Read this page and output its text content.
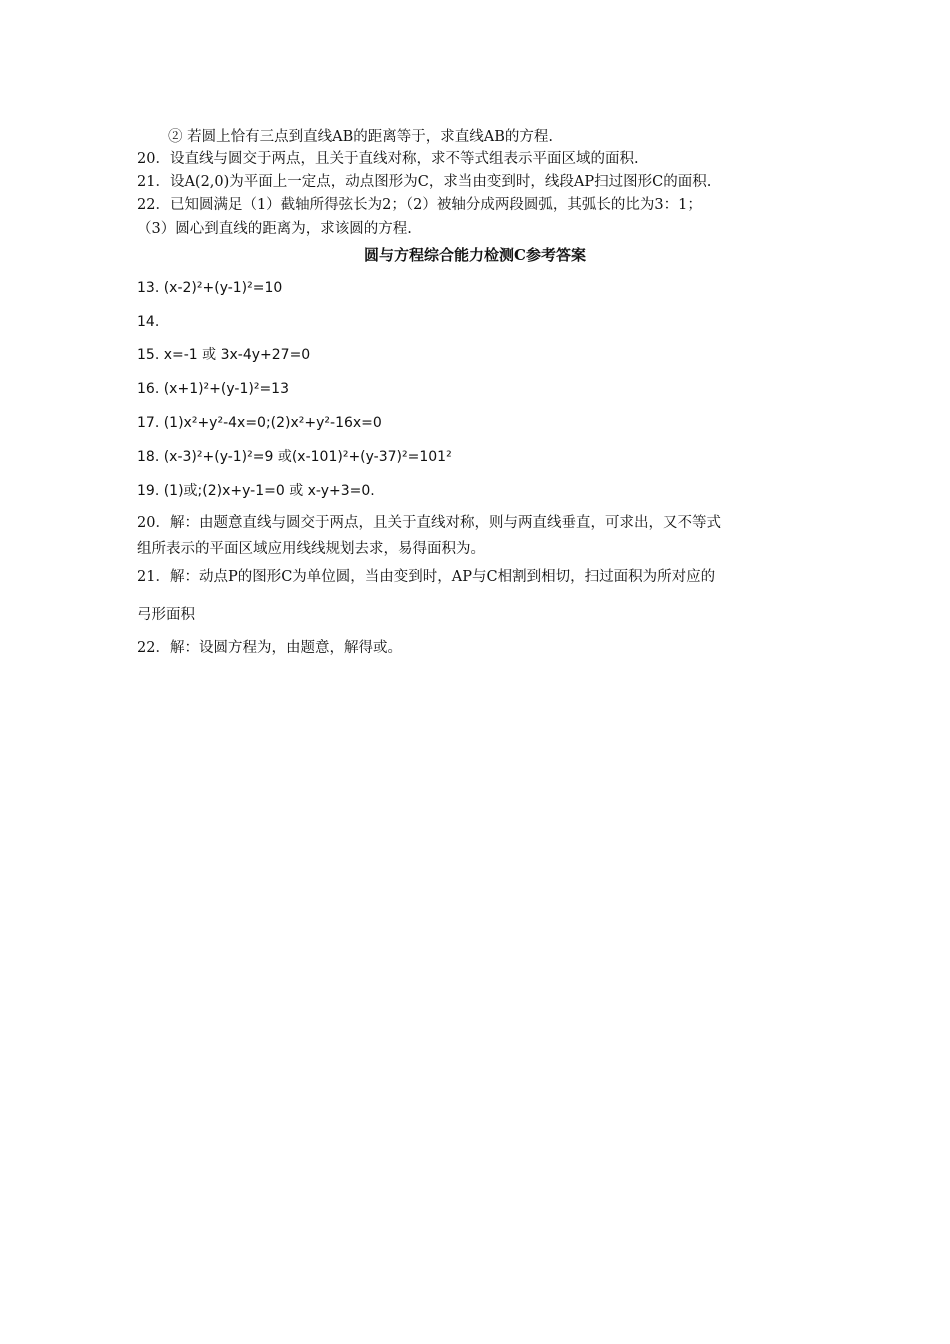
② 若圆上恰有三点到直线AB的距离等于，求直线AB的方程.
20．设直线与圆交于两点，且关于直线对称，求不等式组表示平面区域的面积.
21．设A(2,0)为平面上一定点，动点图形为C，求当由变到时，线段AP扫过图形C的面积.
22．已知圆满足（1）截轴所得弦长为2；（2）被轴分成两段圆弧，其弧长的比为3：1；
（3）圆心到直线的距离为，求该圆的方程.
圆与方程综合能力检测C参考答案
13. (x-2)²+(y-1)²=10
14.
15. x=-1 或 3x-4y+27=0
16. (x+1)²+(y-1)²=13
17. (1)x²+y²-4x=0;(2)x²+y²-16x=0
18. (x-3)²+(y-1)²=9 或(x-101)²+(y-37)²=101²
19. (1)或;(2)x+y-1=0 或 x-y+3=0.
20．解：由题意直线与圆交于两点，且关于直线对称，则与两直线垂直，可求出，又不等式
组所表示的平面区域应用线线规划去求，易得面积为。
21．解：动点P的图形C为单位圆，当由变到时，AP与C相割到相切，扫过面积为所对应的
弓形面积
22．解：设圆方程为，由题意，解得或。
